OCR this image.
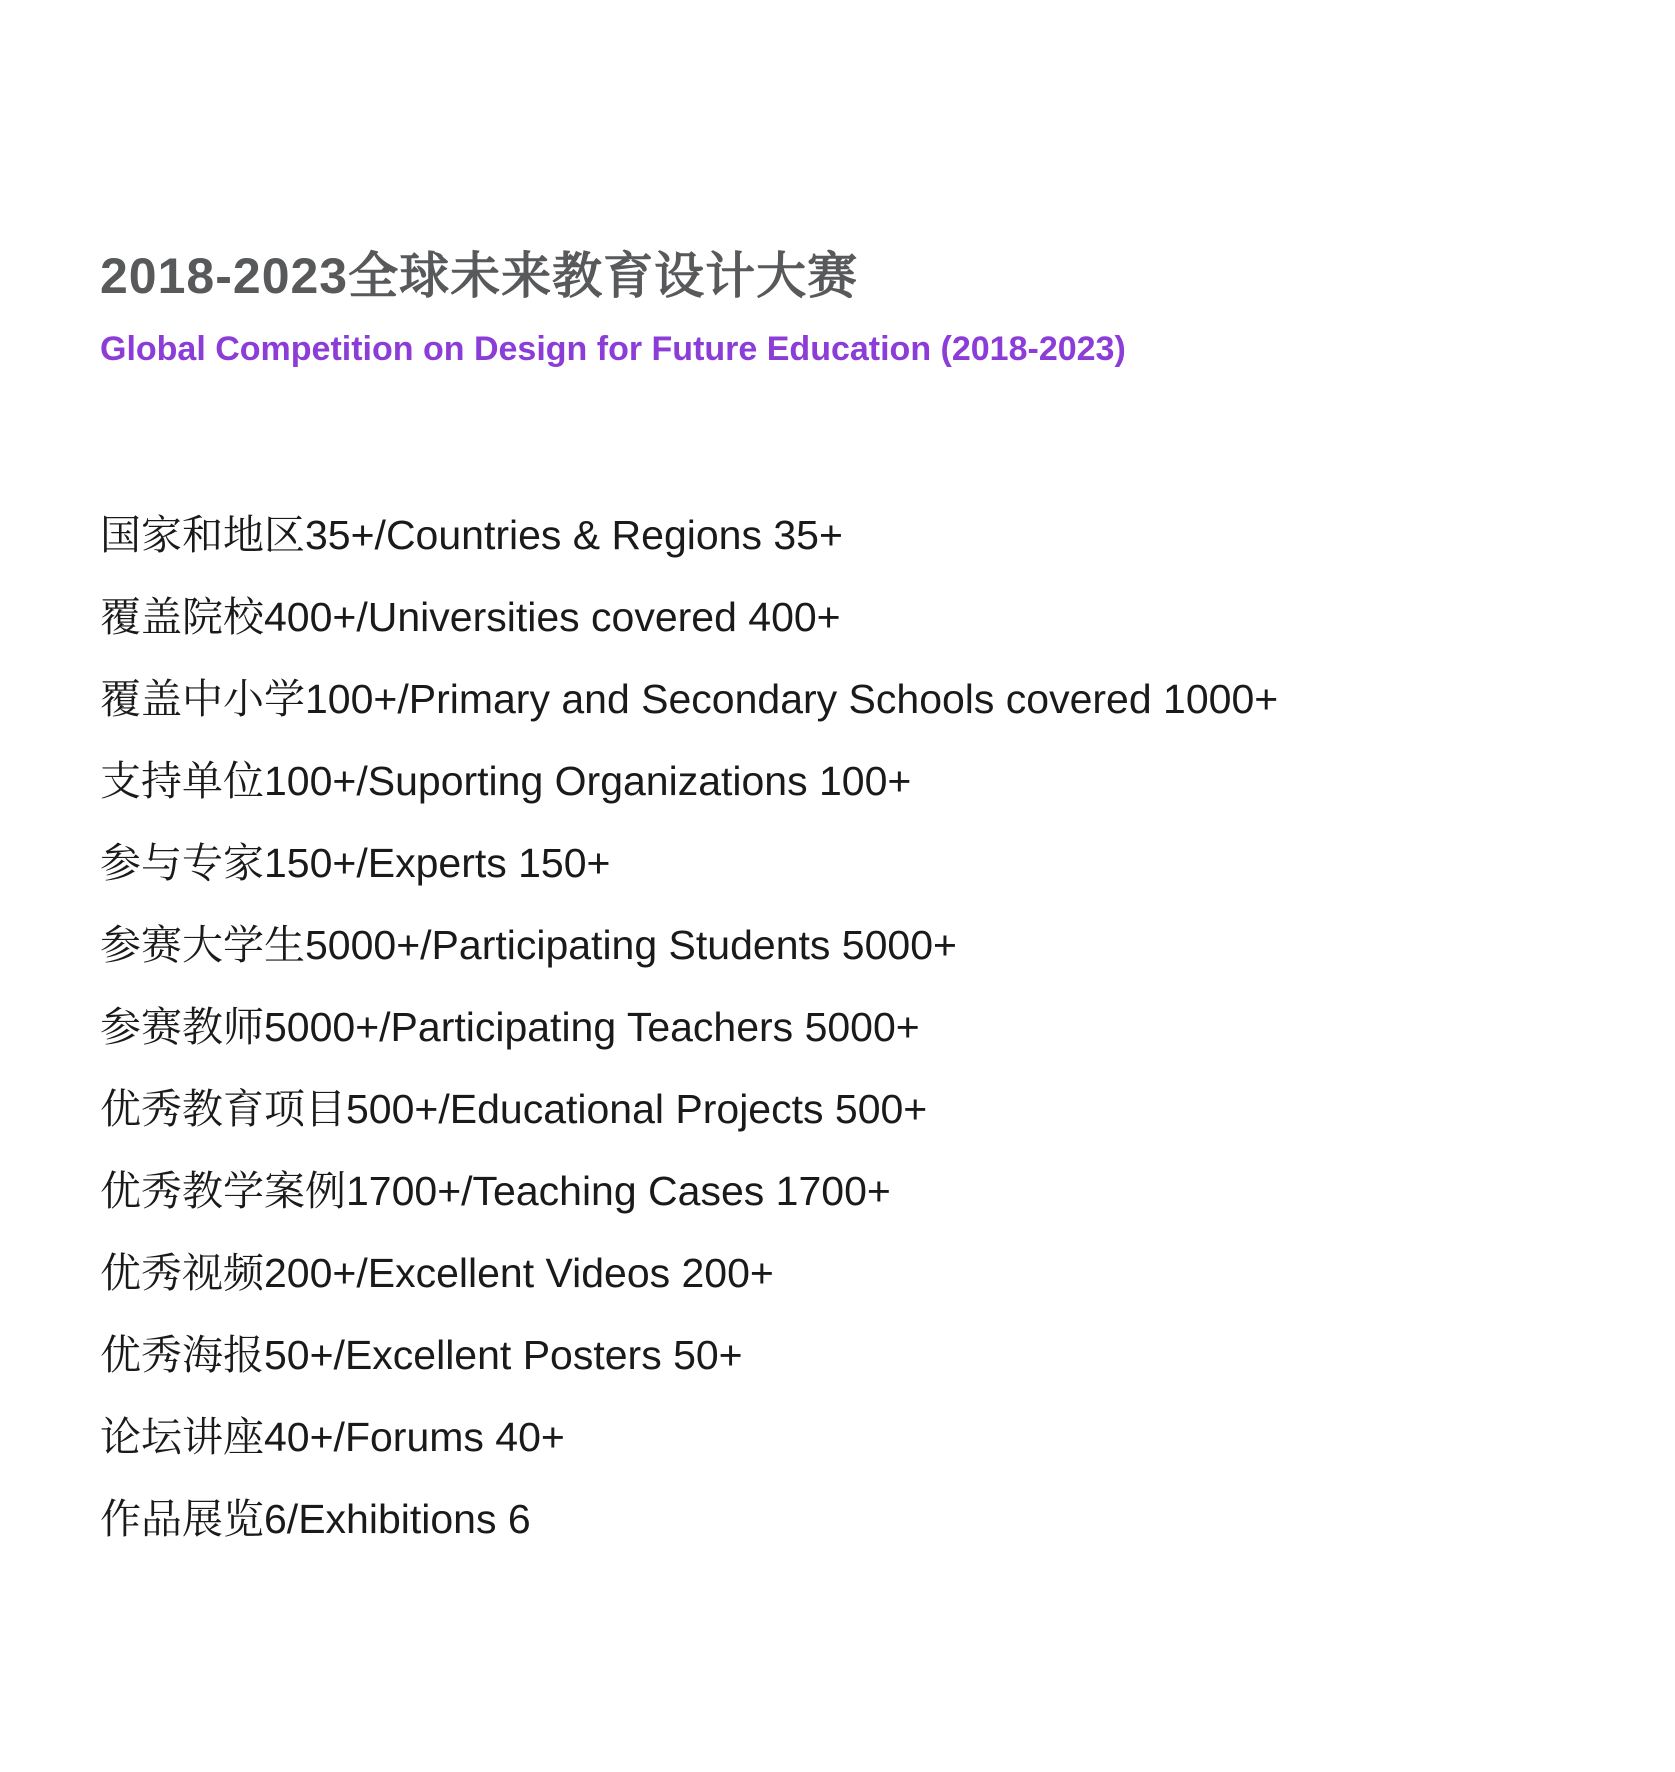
2018-2023全球未来教育设计大赛
Global Competition on Design for Future Education (2018-2023)
国家和地区35+/Countries & Regions 35+
覆盖院校400+/Universities covered 400+
覆盖中小学100+/Primary and Secondary Schools covered 1000+
支持单位100+/Suporting Organizations 100+
参与专家150+/Experts 150+
参赛大学生5000+/Participating Students 5000+
参赛教师5000+/Participating Teachers 5000+
优秀教育项目500+/Educational Projects 500+
优秀教学案例1700+/Teaching Cases 1700+
优秀视频200+/Excellent Videos 200+
优秀海报50+/Excellent Posters 50+
论坛讲座40+/Forums 40+
作品展览6/Exhibitions 6
